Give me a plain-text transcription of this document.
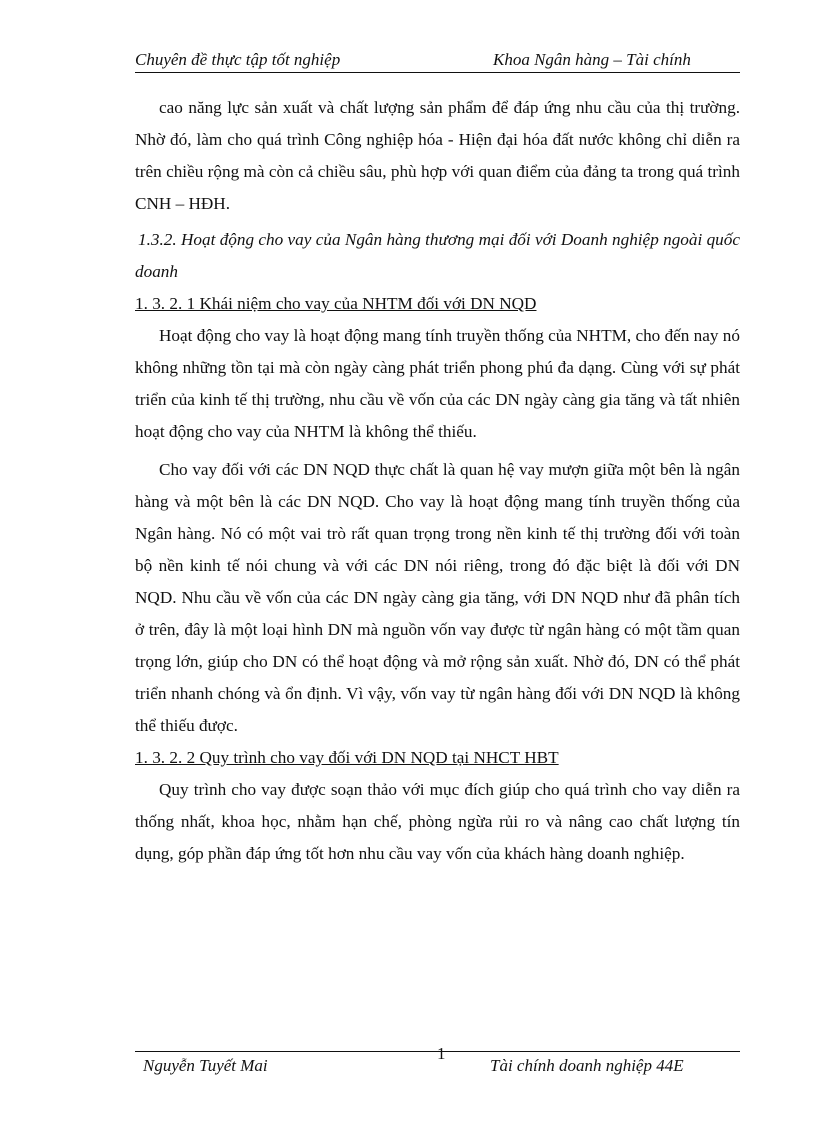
Chuyên đề thực tập tốt nghiệp	Khoa Ngân hàng – Tài chính

cao năng lực sản xuất và chất lượng sản phẩm để đáp ứng nhu cầu của thị trường. Nhờ đó, làm cho quá trình Công nghiệp hóa - Hiện đại hóa đất nước không chỉ diễn ra trên chiều rộng mà còn cả chiều sâu, phù hợp với quan điểm của đảng ta trong quá trình CNH – HĐH.

1.3.2. Hoạt động cho vay của Ngân hàng thương mại đối với Doanh nghiệp ngoài quốc doanh

1. 3. 2. 1 Khái niệm cho vay của NHTM đối với DN NQD

Hoạt động cho vay là hoạt động mang tính truyền thống của NHTM, cho đến nay nó không những tồn tại mà còn ngày càng phát triển phong phú đa dạng. Cùng với sự phát triển của kinh tế thị trường, nhu cầu về vốn của các DN ngày càng gia tăng và tất nhiên hoạt động cho vay của NHTM là không thể thiếu.

Cho vay đối với các DN NQD thực chất là quan hệ vay mượn giữa một bên là ngân hàng và một bên là các DN NQD. Cho vay là hoạt động mang tính truyền thống của Ngân hàng. Nó có một vai trò rất quan trọng trong nền kinh tế thị trường đối với toàn bộ nền kinh tế nói chung và với các DN nói riêng, trong đó đặc biệt là đối với DN NQD. Nhu cầu về vốn của các DN ngày càng gia tăng, với DN NQD như đã phân tích ở trên, đây là một loại hình DN mà nguồn vốn vay được từ ngân hàng có một tầm quan trọng lớn, giúp cho DN có thể hoạt động và mở rộng sản xuất. Nhờ đó, DN có thể phát triển nhanh chóng và ổn định. Vì vậy, vốn vay từ ngân hàng đối với DN NQD là không thể thiếu được.

1. 3. 2. 2 Quy trình cho vay đối với DN NQD tại NHCT HBT

Quy trình cho vay được soạn thảo với mục đích giúp cho quá trình cho vay diễn ra thống nhất, khoa học, nhằm hạn chế, phòng ngừa rủi ro và nâng cao chất lượng tín dụng, góp phần đáp ứng tốt hơn nhu cầu vay vốn của khách hàng doanh nghiệp.

Nguyễn Tuyết Mai
1
Tài chính doanh nghiệp 44E
